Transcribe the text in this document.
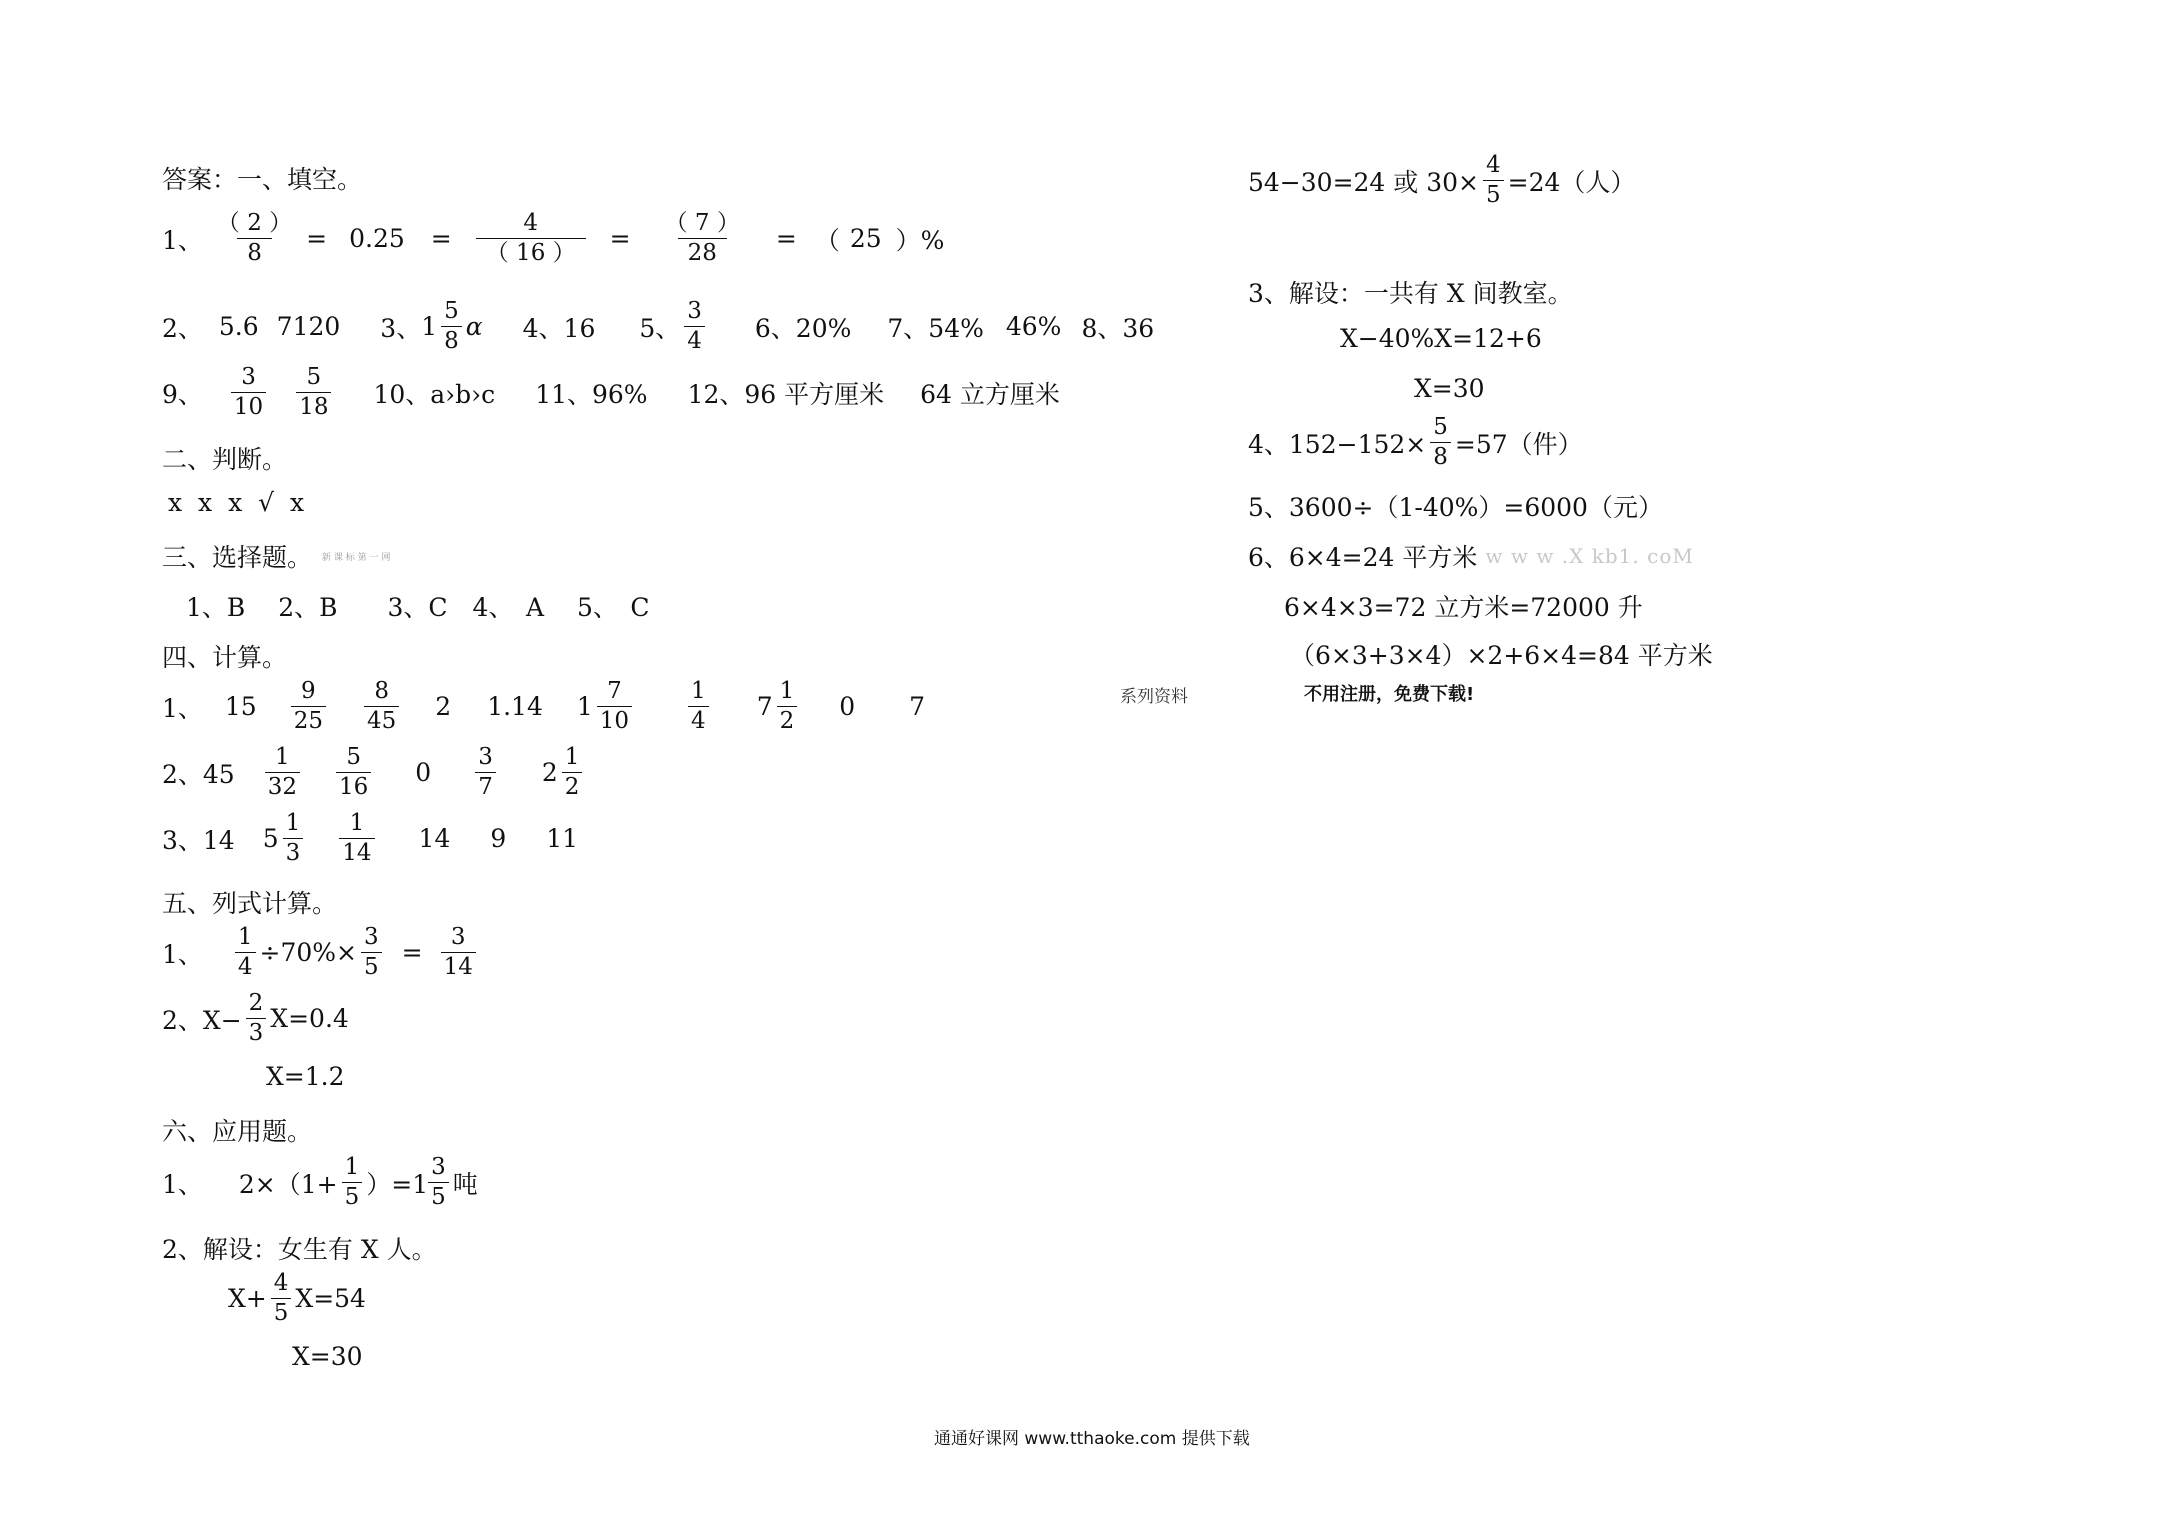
答案：一、填空。
1、 $\frac{( 2 )}{8} = 0.25 = \frac{4}{( 16 )} = \frac{( 7 )}{28}$ = （ 25 ）%
2、 5.6 7120 3、 $1 \frac{5}{8}$ α 4、16 5、 $\frac{3}{4} 6$、20% 7、54% 46% 8、36
9、 $\frac{3}{10} \frac{5}{18} 10$、a›b›c 11、96% 12、96 平方厘米 64 立方厘米
二、判断。
x x x √ x
三、选择题。 新 课 标 第 一 网
1、B　 2、B　　3、C　4、　A　 5、　C
四、计算。
1、 $15 \frac{9}{25} \frac{8}{45} 2$ 1.14 $1 \frac{7}{10} \frac{1}{4} 7 \frac{1}{2} 0$ 7
2、$45 \frac{1}{32} \frac{5}{16} 0 \frac{3}{7} 2 \frac{1}{2}$
3、14 $5 \frac{1}{3} \frac{1}{14} 14$ 9 11
五、列式计算。
1、 $\frac{1}{4} \div 70\%\times \frac{3}{5} = \frac{3}{14}$
2、$X- \frac{2}{3} X=0.4$
X=1.2
六、应用题。
1、 $2\times(1+ \frac{1}{5} )=1 \frac{3}{5}$ 吨
2、解设：女生有 X 人。
$X+ \frac{4}{5} X=54$
X=30
54−30=24 或 $30\times \frac{4}{5} =24$（人）
3、解设：一共有 X 间教室。
X−40%X=12+6
X=30
4、$152-152\times \frac{5}{8} =57$（件）
5、3600÷（1-40%）=6000（元）
6、6×4=24 平方米 w w w .X kb1. coM
6×4×3=72 立方米=72000 升
（6×3+3×4）×2+6×4=84 平方米
系列资料	不用注册，免费下载!
通通好课网 www.tthaoke.com 提供下载
